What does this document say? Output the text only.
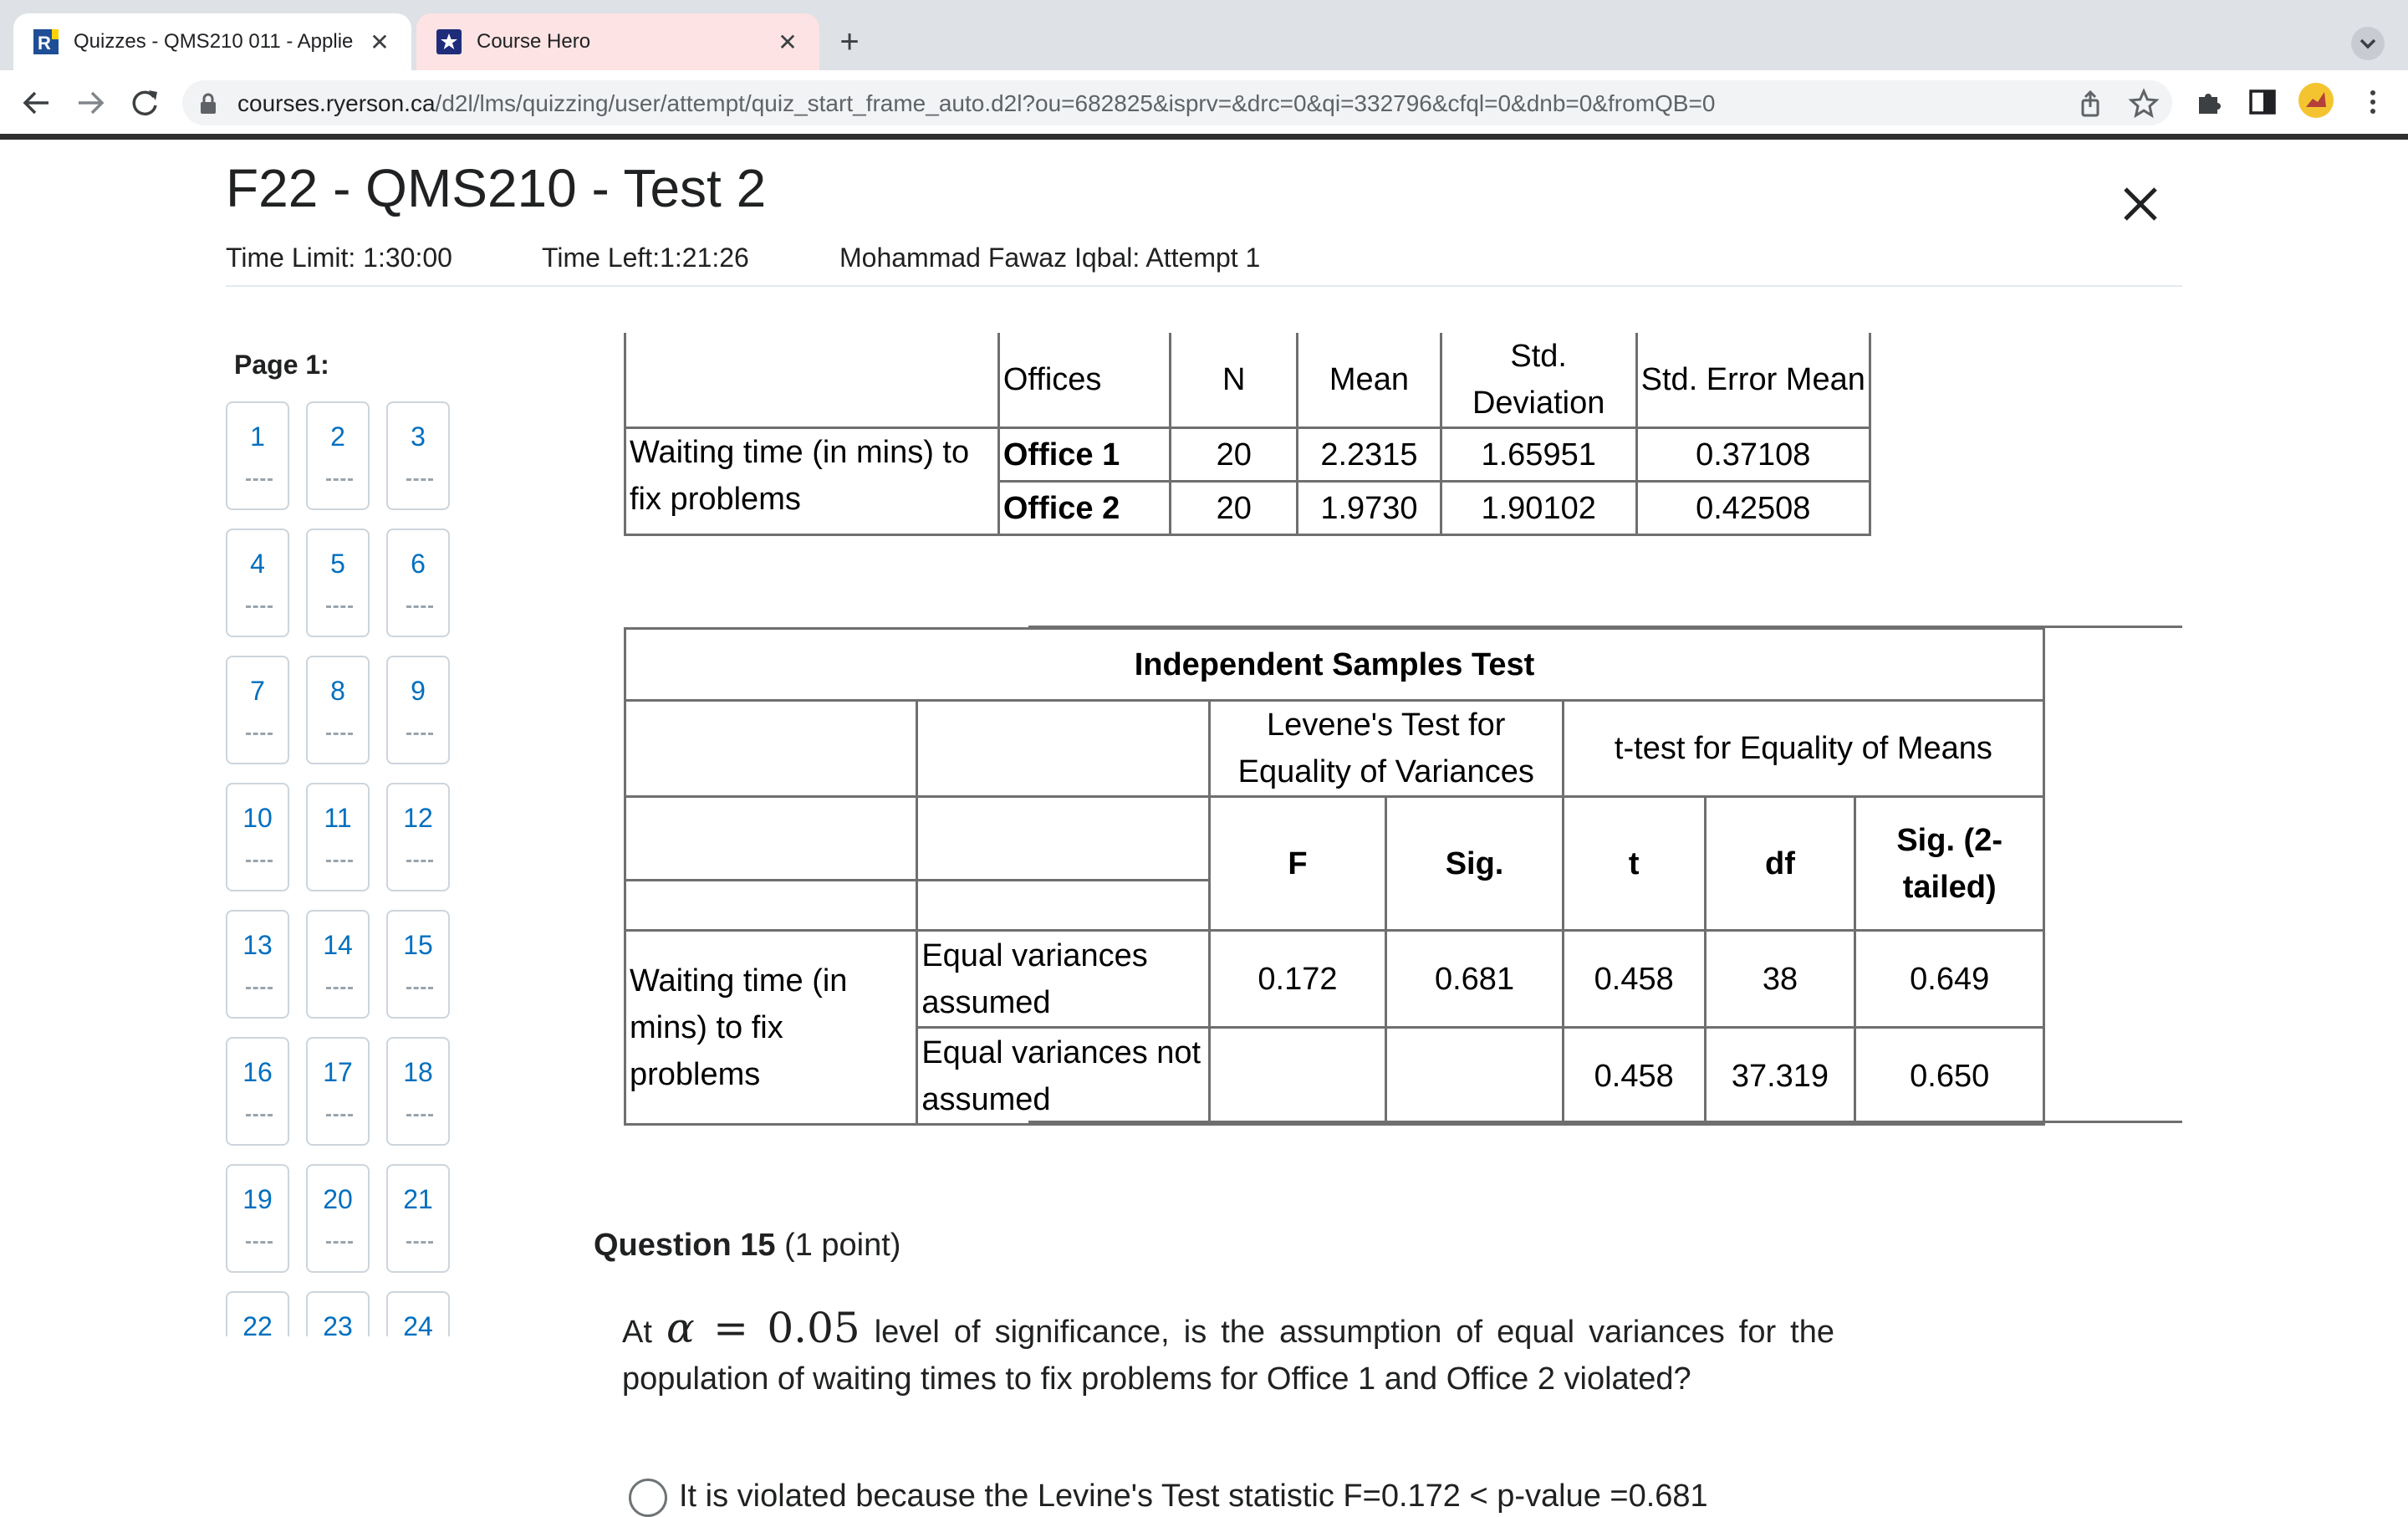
R Quizzes - QMS210 011 - Applie ✕	Course Hero	✕	+
courses.ryerson.ca/d2l/lms/quizzing/user/attempt/quiz_start_frame_auto.d2l?ou=682825&isprv=&drc=0&qi=332796&cfql=0&dnb=0&fromQB=0
F22 - QMS210 - Test 2
Time Limit: 1:30:00	Time Left:1:21:26	Mohammad Fawaz Iqbal: Attempt 1
Page 1:
1	2	3
4	5	6
7	8	9
10	11	12
13	14	15
16	17	18
19	20	21
22	23	24
	Offices	N	Mean	Std. Deviation	Std. Error Mean
Waiting time (in mins) to fix problems	Office 1	20	2.2315	1.65951	0.37108
	Office 2	20	1.9730	1.90102	0.42508
Independent Samples Test						
		Levene's Test for Equality of Variances		t-test for Equality of Means		
		F	Sig.	t	df	Sig. (2-tailed)

Waiting time (in mins) to fix problems	Equal variances assumed	0.172	0.681	0.458	38	0.649
	Equal variances not assumed			0.458	37.319	0.650
Question 15 (1 point)
At α = 0.05 level of significance, is the assumption of equal variances for the population of waiting times to fix problems for Office 1 and Office 2 violated?
It is violated because the Levine's Test statistic F=0.172 < p-value =0.681
